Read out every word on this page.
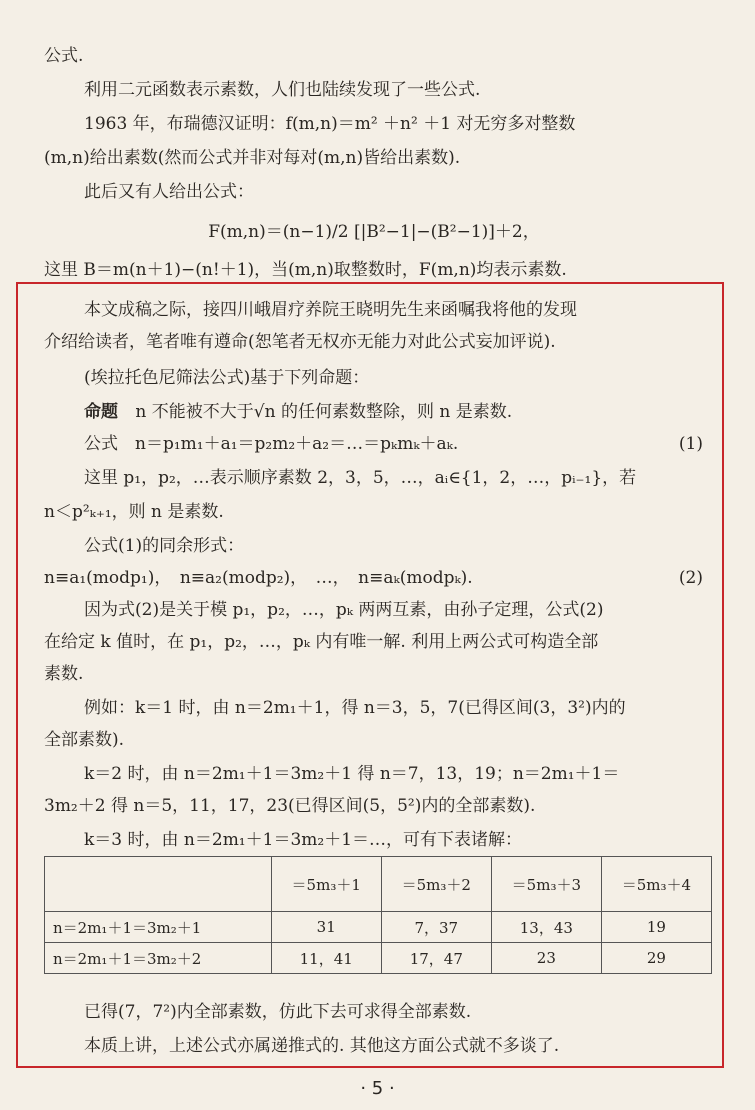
公式.
利用二元函数表示素数，人们也陆续发现了一些公式.
1963 年，布瑞德汉证明：f(m,n)＝m² ＋n² ＋1 对无穷多对整数
(m,n)给出素数(然而公式并非对每对(m,n)皆给出素数).
此后又有人给出公式：
F(m,n)＝(n−1)/2 [|B²−1|−(B²−1)]＋2，
这里 B＝m(n＋1)−(n!＋1)，当(m,n)取整数时，F(m,n)均表示素数.
本文成稿之际，接四川峨眉疗养院王晓明先生来函嘱我将他的发现
介绍给读者，笔者唯有遵命(恕笔者无权亦无能力对此公式妄加评说).
(埃拉托色尼筛法公式)基于下列命题：
命题 n 不能被不大于√n 的任何素数整除，则 n 是素数.
公式　n＝p₁m₁＋a₁＝p₂m₂＋a₂＝…＝pₖmₖ＋aₖ.	(1)
这里 p₁，p₂，…表示顺序素数 2，3，5，…，aᵢ∈{1，2，…，pᵢ₋₁}，若
n＜p²ₖ₊₁，则 n 是素数.
公式(1)的同余形式：
n≡a₁(modp₁)，　n≡a₂(modp₂)，　…，　n≡aₖ(modpₖ).	(2)
因为式(2)是关于模 p₁，p₂，…，pₖ 两两互素，由孙子定理，公式(2)
在给定 k 值时，在 p₁，p₂，…，pₖ 内有唯一解. 利用上两公式可构造全部
素数.
例如：k＝1 时，由 n＝2m₁＋1，得 n＝3，5，7(已得区间(3，3²)内的
全部素数).
k＝2 时，由 n＝2m₁＋1＝3m₂＋1 得 n＝7，13，19；n＝2m₁＋1＝
3m₂＋2 得 n＝5，11，17，23(已得区间(5，5²)内的全部素数).
k＝3 时，由 n＝2m₁＋1＝3m₂＋1＝…，可有下表诸解：
	＝5m₃＋1	＝5m₃＋2	＝5m₃＋3	＝5m₃＋4
n＝2m₁＋1＝3m₂＋1	31	7，37	13，43	19
n＝2m₁＋1＝3m₂＋2	11，41	17，47	23	29
已得(7，7²)内全部素数，仿此下去可求得全部素数.
本质上讲，上述公式亦属递推式的. 其他这方面公式就不多谈了.
· 5 ·
